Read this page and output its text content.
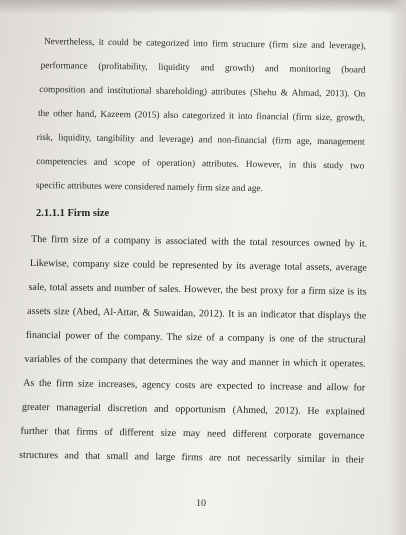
Nevertheless, it could be categorized into firm structure (firm size and leverage),

performance (profitability, liquidity and growth) and monitoring (board

composition and institutional shareholding) attributes (Shehu & Ahmad, 2013). On

the other hand, Kazeem (2015) also categorized it into financial (firm size, growth,

risk, liquidity, tangibility and leverage) and non-financial (firm age, management

competencies and scope of operation) attributes. However, in this study two

specific attributes were considered namely firm size and age.

2.1.1.1 Firm size

The firm size of a company is associated with the total resources owned by it.

Likewise, company size could be represented by its average total assets, average

sale, total assets and number of sales. However, the best proxy for a firm size is its

assets size (Abed, Al-Attar, & Suwaidan, 2012). It is an indicator that displays the

financial power of the company. The size of a company is one of the structural

variables of the company that determines the way and manner in which it operates.

As the firm size increases, agency costs are expected to increase and allow for

greater managerial discretion and opportunism (Ahmed, 2012). He explained

further that firms of different size may need different corporate governance

structures and that small and large firms are not necessarily similar in their

10
